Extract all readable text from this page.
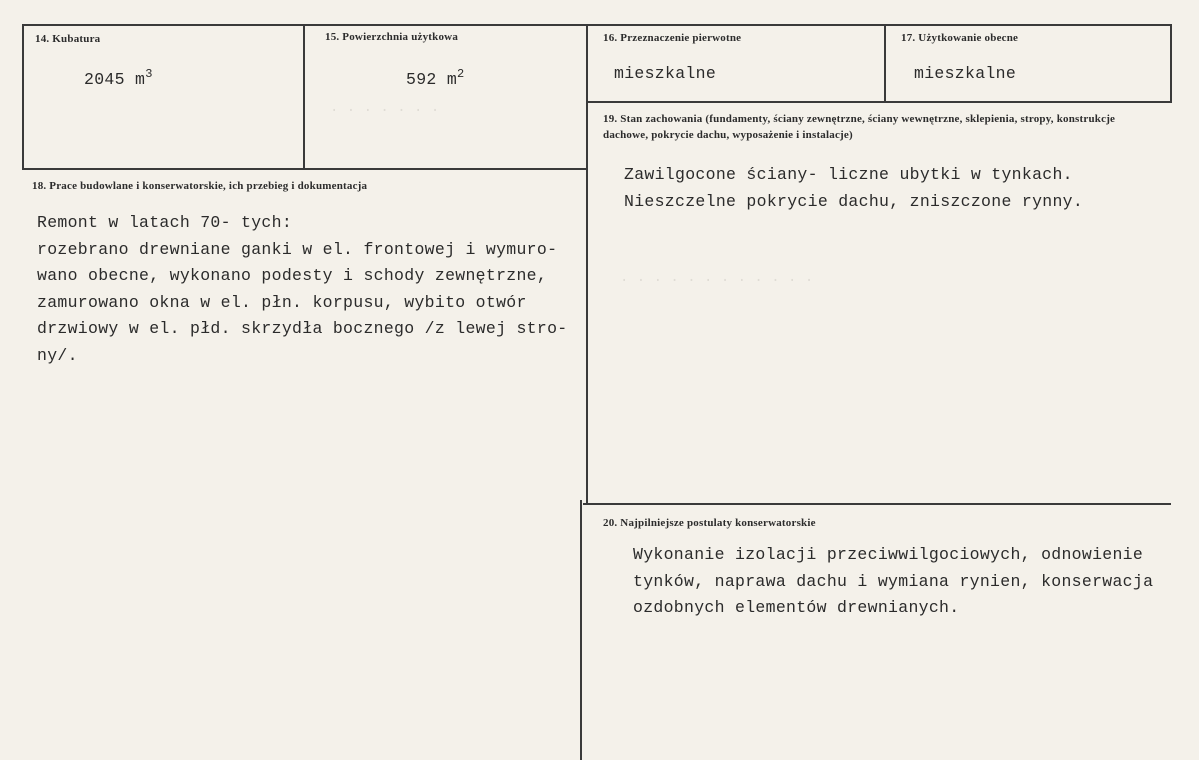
. . . . . . .
. . . . . . . . . . . .
14. Kubatura
2045 $m^3$
15. Powierzchnia użytkowa
592 $m^2$
16. Przeznaczenie pierwotne
mieszkalne
17. Użytkowanie obecne
mieszkalne
18. Prace budowlane i konserwatorskie, ich przebieg i dokumentacja
Remont w latach 70- tych:
rozebrano drewniane ganki w el. frontowej i wymuro-
wano obecne, wykonano podesty i schody zewnętrzne,
zamurowano okna w el. płn. korpusu, wybito otwór
drzwiowy w el. płd. skrzydła bocznego /z lewej stro-
ny/.
19. Stan zachowania (fundamenty, ściany zewnętrzne, ściany wewnętrzne, sklepienia, stropy, konstrukcje dachowe, pokrycie dachu, wyposażenie i instalacje)
Zawilgocone ściany- liczne ubytki w tynkach.
Nieszczelne pokrycie dachu, zniszczone rynny.
20. Najpilniejsze postulaty konserwatorskie
Wykonanie izolacji przeciwwilgociowych, odnowienie
tynków, naprawa dachu i wymiana rynien, konserwacja
ozdobnych elementów drewnianych.
